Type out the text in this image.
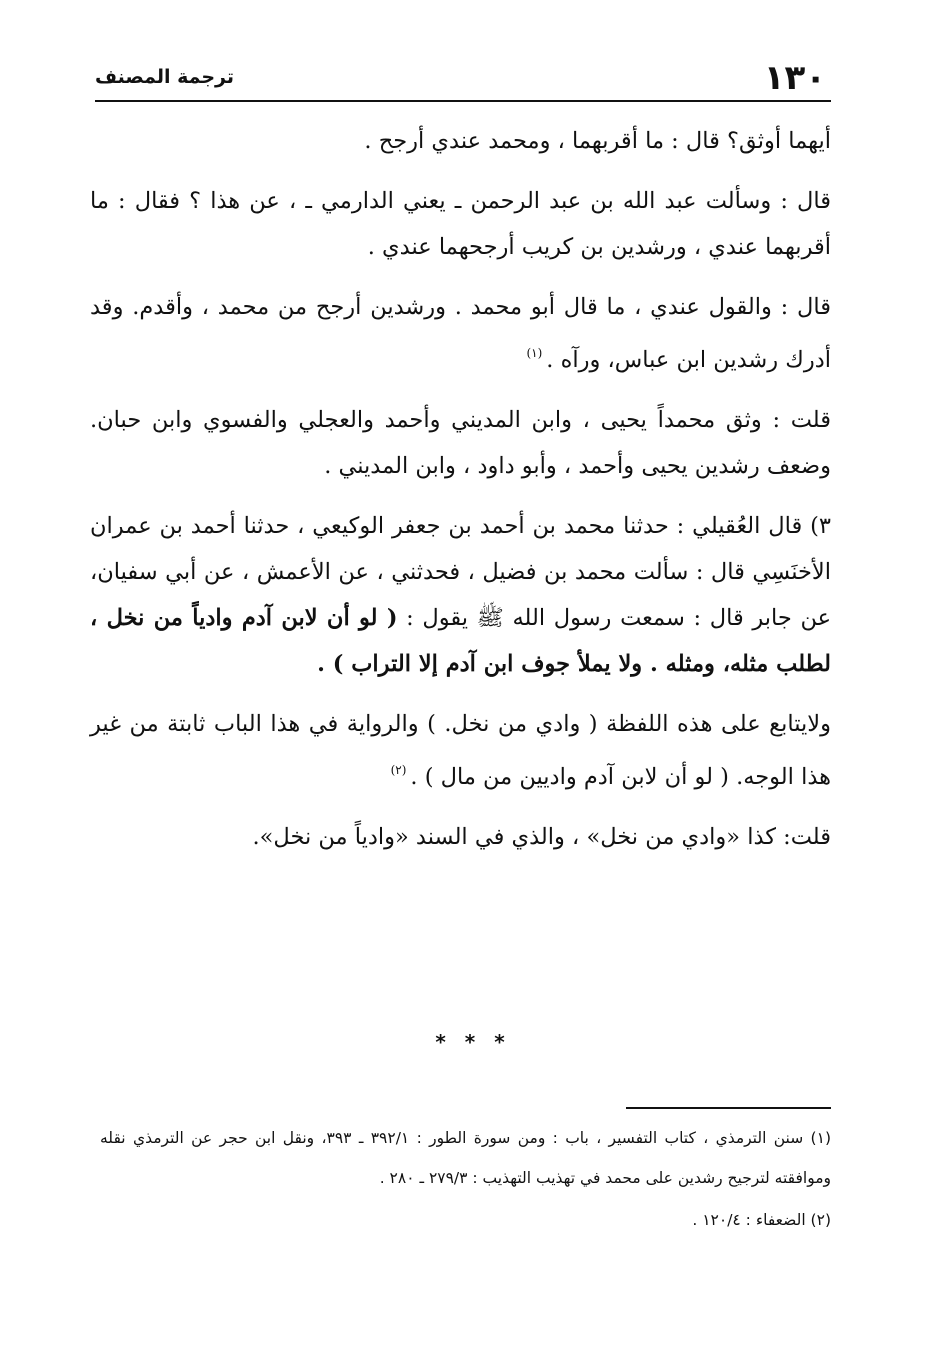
ترجمة المصنف	١٣٠

أيهما أوثق؟ قال : ما أقربهما ، ومحمد عندي أرجح .

قال : وسألت عبد الله بن عبد الرحمن ـ يعني الدارمي ـ ، عن هذا ؟ فقال : ما أقربهما عندي ، ورشدين بن كريب أرجحهما عندي .

قال : والقول عندي ، ما قال أبو محمد . ورشدين أرجح من محمد ، وأقدم. وقد أدرك رشدين ابن عباس، ورآه .$^{(١)}$

قلت : وثق محمداً يحيى ، وابن المديني وأحمد والعجلي والفسوي وابن حبان. وضعف رشدين يحيى وأحمد ، وأبو داود ، وابن المديني .

٣) قال العُقيلي : حدثنا محمد بن أحمد بن جعفر الوكيعي ، حدثنا أحمد بن عمران الأخنَسِي قال : سألت محمد بن فضيل ، فحدثني ، عن الأعمش ، عن أبي سفيان، عن جابر قال : سمعت رسول الله ﷺ يقول : ( لو أن لابن آدم وادياً من نخل ، لطلب مثله، ومثله . ولا يملأ جوف ابن آدم إلا التراب ) .

ولايتابع على هذه اللفظة ( وادي من نخل. ) والرواية في هذا الباب ثابتة من غير هذا الوجه. ( لو أن لابن آدم واديين من مال ) .$^{(٢)}$

قلت: كذا «وادي من نخل» ، والذي في السند «وادياً من نخل».

* * *

(١) سنن الترمذي ، كتاب التفسير ، باب : ومن سورة الطور : ٣٩٢/١ ـ ٣٩٣، ونقل ابن حجر عن الترمذي نقله وموافقته لترجيح رشدين على محمد في تهذيب التهذيب : ٢٧٩/٣ ـ ٢٨٠ .

(٢) الضعفاء : ١٢٠/٤ .
